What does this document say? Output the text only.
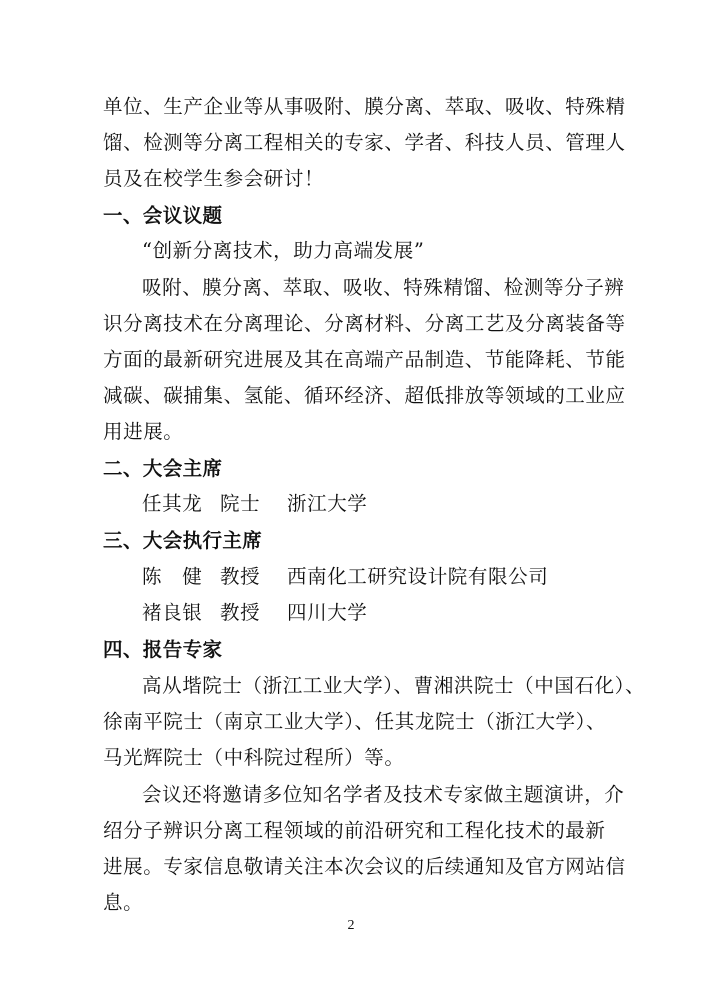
单位、生产企业等从事吸附、膜分离、萃取、吸收、特殊精
馏、检测等分离工程相关的专家、学者、科技人员、管理人
员及在校学生参会研讨！
一、会议议题
“创新分离技术，助力高端发展”
吸附、膜分离、萃取、吸收、特殊精馏、检测等分子辨
识分离技术在分离理论、分离材料、分离工艺及分离装备等
方面的最新研究进展及其在高端产品制造、节能降耗、节能
减碳、碳捕集、氢能、循环经济、超低排放等领域的工业应
用进展。
二、大会主席
任其龙 院士 浙江大学
三、大会执行主席
陈　健 教授 西南化工研究设计院有限公司
褚良银 教授 四川大学
四、报告专家
高从堦院士（浙江工业大学）、曹湘洪院士（中国石化）、
徐南平院士（南京工业大学）、任其龙院士（浙江大学）、
马光辉院士（中科院过程所）等。
会议还将邀请多位知名学者及技术专家做主题演讲，介
绍分子辨识分离工程领域的前沿研究和工程化技术的最新
进展。专家信息敬请关注本次会议的后续通知及官方网站信
息。
2
